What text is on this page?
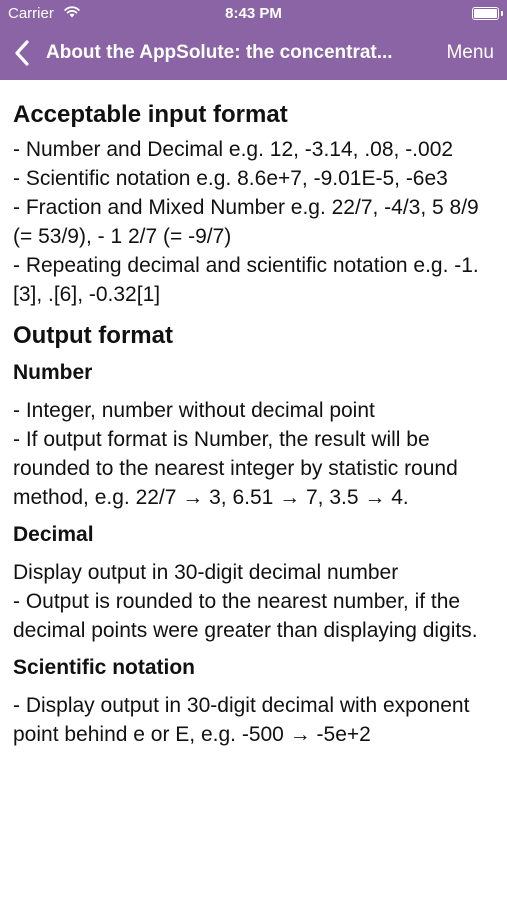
Carrier	8:43 PM
About the AppSolute: the concentrat...	Menu
Acceptable input format
- Number and Decimal e.g. 12, -3.14, .08, -.002
- Scientific notation e.g. 8.6e+7, -9.01E-5, -6e3
- Fraction and Mixed Number e.g. 22/7, -4/3, 5 8/9 (= 53/9), - 1 2/7 (= -9/7)
- Repeating decimal and scientific notation e.g. -1.[3], .[6], -0.32[1]
Output format
Number
- Integer, number without decimal point
- If output format is Number, the result will be rounded to the nearest integer by statistic round method, e.g. 22/7 → 3, 6.51 → 7, 3.5 → 4.
Decimal
Display output in 30-digit decimal number
- Output is rounded to the nearest number, if the decimal points were greater than displaying digits.
Scientific notation
- Display output in 30-digit decimal with exponent point behind e or E, e.g. -500 → -5e+2
